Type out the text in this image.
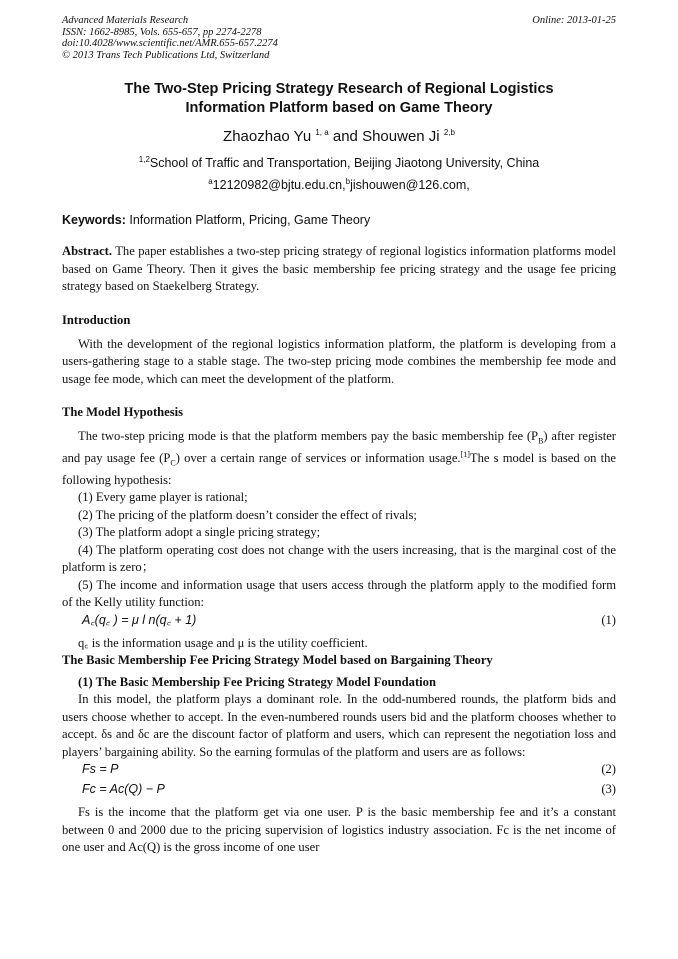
Advanced Materials Research
ISSN: 1662-8985, Vols. 655-657, pp 2274-2278
doi:10.4028/www.scientific.net/AMR.655-657.2274
© 2013 Trans Tech Publications Ltd, Switzerland
Online: 2013-01-25
The Two-Step Pricing Strategy Research of Regional Logistics
Information Platform based on Game Theory
Zhaozhao Yu $^{1, a}$ and Shouwen Ji $^{2,b}$
$^{1,2}$School of Traffic and Transportation, Beijing Jiaotong University, China
$^a$12120982@bjtu.edu.cn,$^b$jishouwen@126.com,
Keywords: Information Platform, Pricing, Game Theory
Abstract. The paper establishes a two-step pricing strategy of regional logistics information platforms model based on Game Theory. Then it gives the basic membership fee pricing strategy and the usage fee pricing strategy based on Staekelberg Strategy.
Introduction
With the development of the regional logistics information platform, the platform is developing from a users-gathering stage to a stable stage. The two-step pricing mode combines the membership fee mode and usage fee mode, which can meet the development of the platform.
The Model Hypothesis
The two-step pricing mode is that the platform members pay the basic membership fee $(P_B)$ after register and pay usage fee $(P_C)$ over a certain range of services or information usage.[1]The s model is based on the following hypothesis:
(1) Every game player is rational;
(2) The pricing of the platform doesn’t consider the effect of rivals;
(3) The platform adopt a single pricing strategy;
(4) The platform operating cost does not change with the users increasing, that is the marginal cost of the platform is zero；
(5) The income and information usage that users access through the platform apply to the modified form of the Kelly utility function:
A꜀(q꜀ ) = μ l n(q꜀ + 1)	(1)
q꜀ is the information usage and μ is the utility coefficient.
The Basic Membership Fee Pricing Strategy Model based on Bargaining Theory
(1) The Basic Membership Fee Pricing Strategy Model Foundation
In this model, the platform plays a dominant role. In the odd-numbered rounds, the platform bids and users choose whether to accept. In the even-numbered rounds users bid and the platform chooses whether to accept. δs and δc are the discount factor of platform and users, which can represent the negotiation loss and players’ bargaining ability. So the earning formulas of the platform and users are as follows:
Fs = P	(2)
Fc = Ac(Q) − P	(3)
Fs is the income that the platform get via one user. P is the basic membership fee and it’s a constant between 0 and 2000 due to the pricing supervision of logistics industry association. Fc is the net income of one user and Ac(Q) is the gross income of one user
